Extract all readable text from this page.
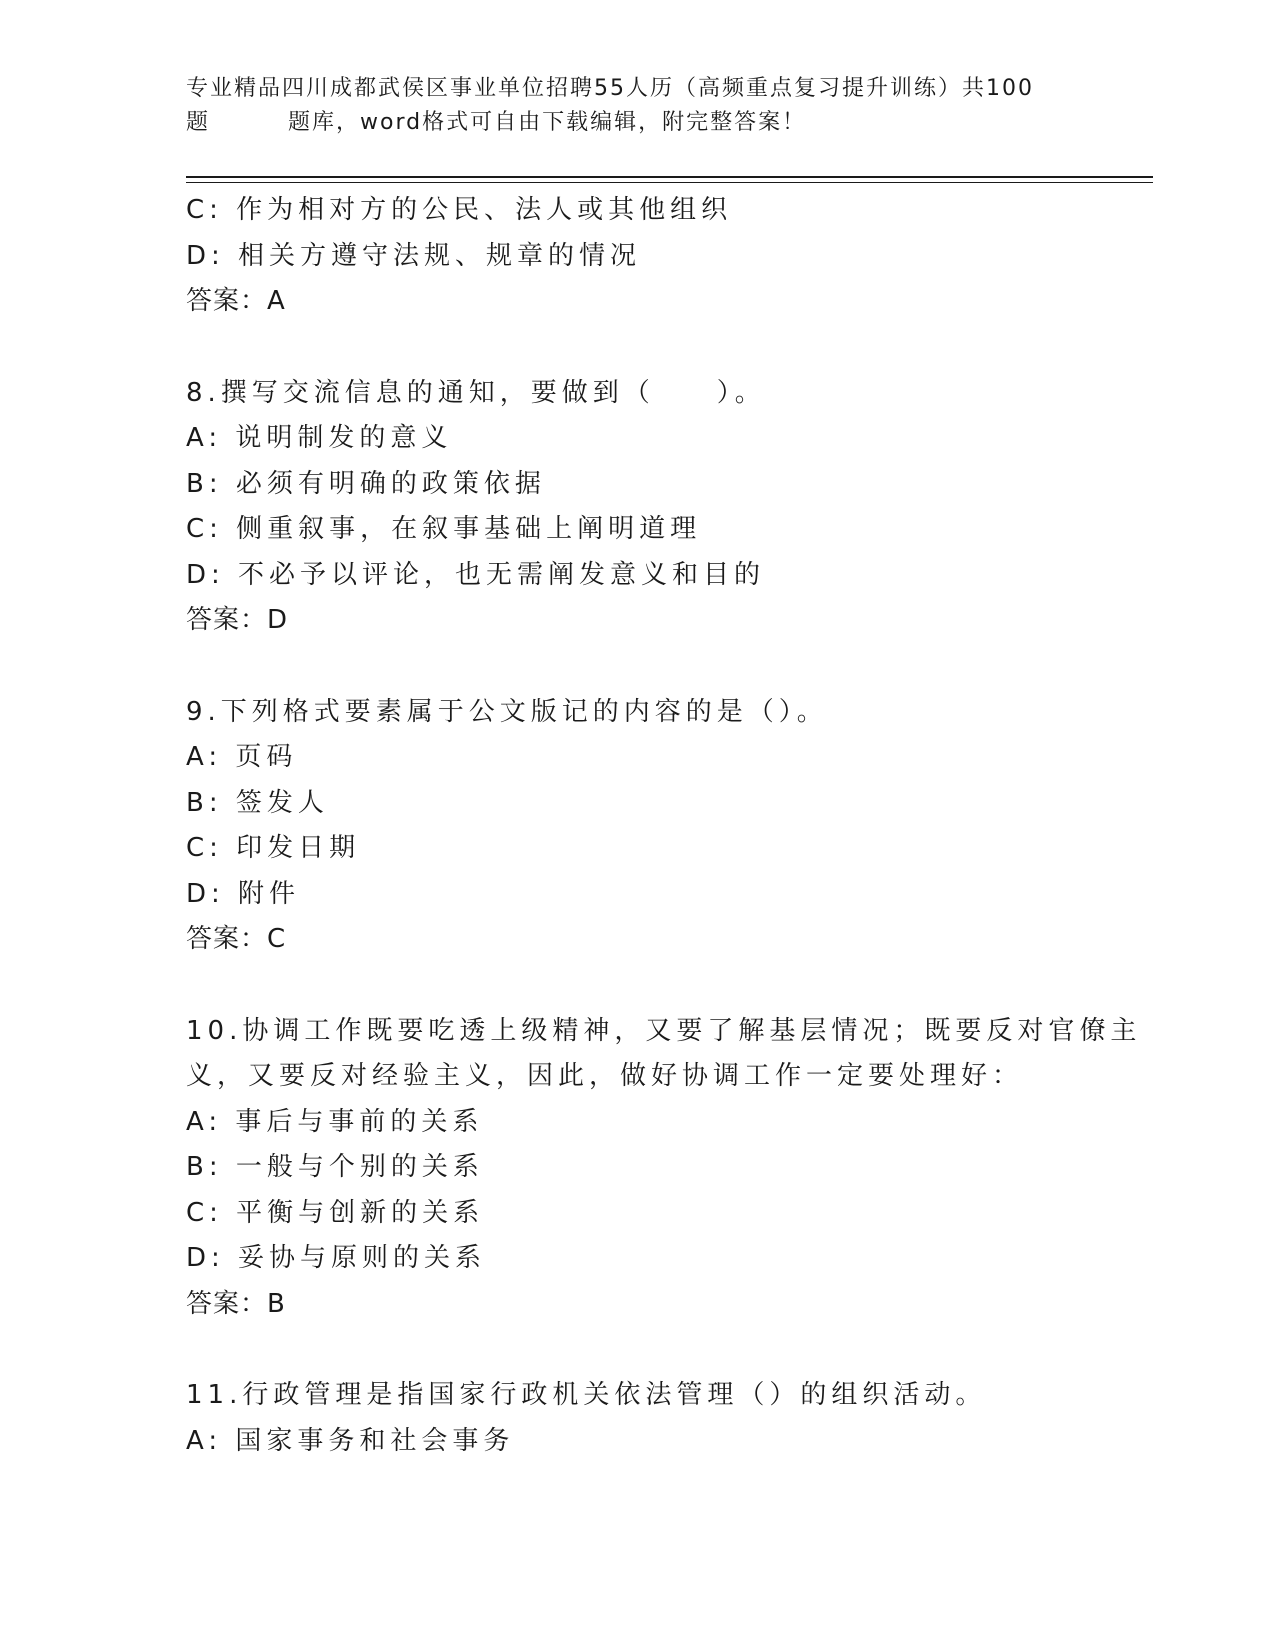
专业精品四川成都武侯区事业单位招聘55人历（高频重点复习提升训练）共100
题	题库，word格式可自由下载编辑，附完整答案！
C: 作为相对方的公民、法人或其他组织
D: 相关方遵守法规、规章的情况
答案：A
8.撰写交流信息的通知，要做到（　　）。
A: 说明制发的意义
B: 必须有明确的政策依据
C: 侧重叙事，在叙事基础上阐明道理
D: 不必予以评论，也无需阐发意义和目的
答案：D
9.下列格式要素属于公文版记的内容的是（）。
A: 页码
B: 签发人
C: 印发日期
D: 附件
答案：C
10.协调工作既要吃透上级精神，又要了解基层情况；既要反对官僚主
义，又要反对经验主义，因此，做好协调工作一定要处理好：
A: 事后与事前的关系
B: 一般与个别的关系
C: 平衡与创新的关系
D: 妥协与原则的关系
答案：B
11.行政管理是指国家行政机关依法管理（）的组织活动。
A: 国家事务和社会事务
